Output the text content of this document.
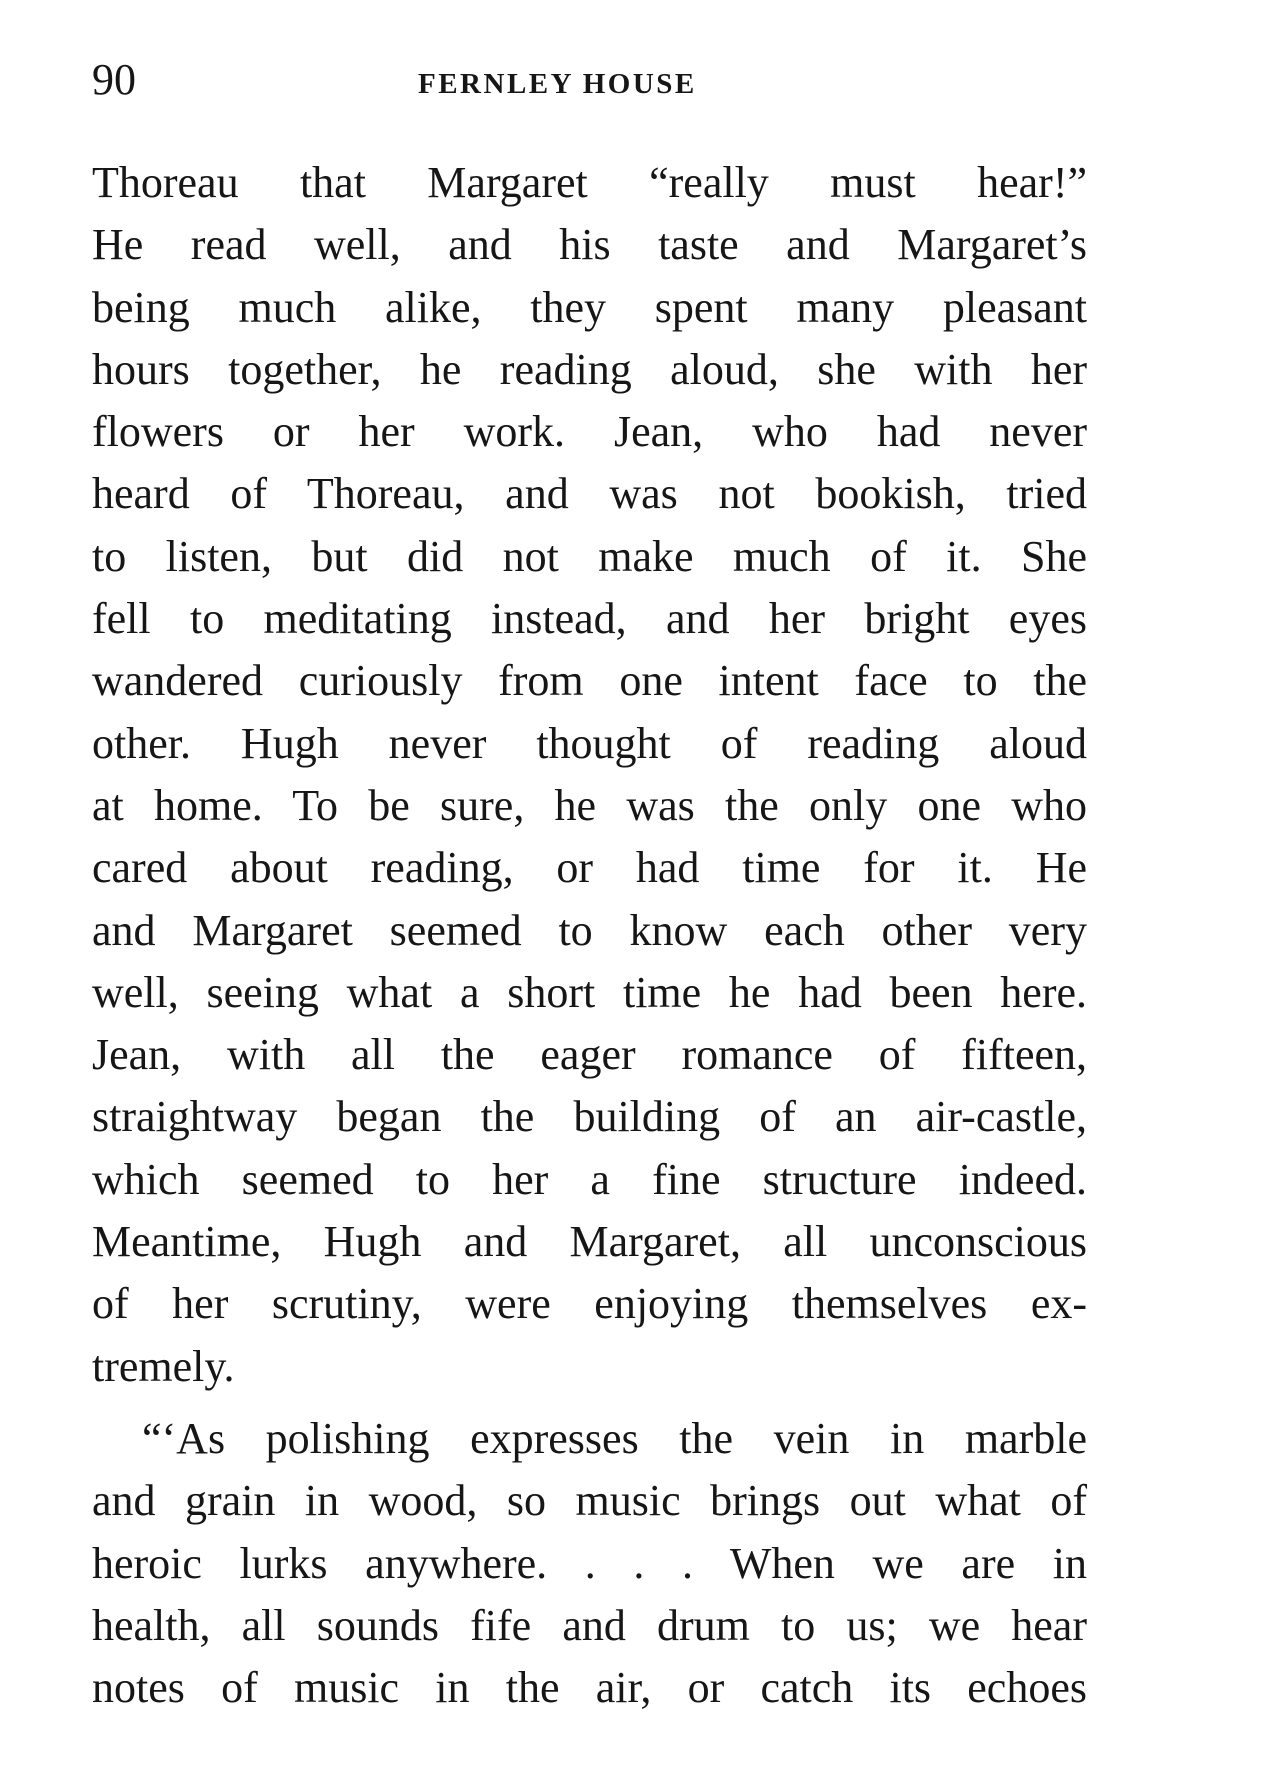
90	FERNLEY HOUSE
Thoreau that Margaret “really must hear!”
He read well, and his taste and Margaret’s
being much alike, they spent many pleasant
hours together, he reading aloud, she with her
flowers or her work. Jean, who had never
heard of Thoreau, and was not bookish, tried
to listen, but did not make much of it. She
fell to meditating instead, and her bright eyes
wandered curiously from one intent face to the
other. Hugh never thought of reading aloud
at home. To be sure, he was the only one who
cared about reading, or had time for it. He
and Margaret seemed to know each other very
well, seeing what a short time he had been here.
Jean, with all the eager romance of fifteen,
straightway began the building of an air-castle,
which seemed to her a fine structure indeed.
Meantime, Hugh and Margaret, all unconscious
of her scrutiny, were enjoying themselves ex-
tremely.
“‘As polishing expresses the vein in marble
and grain in wood, so music brings out what of
heroic lurks anywhere. . . . When we are in
health, all sounds fife and drum to us; we hear
notes of music in the air, or catch its echoes
